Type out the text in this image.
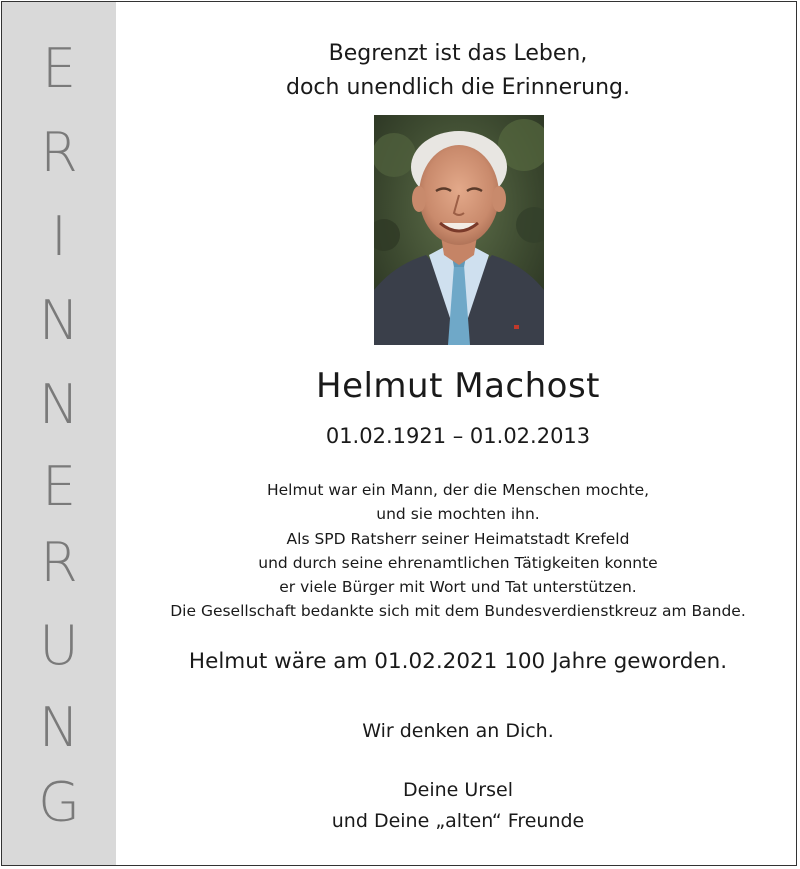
E
R
I
N
N
E
R
U
N
G
Begrenzt ist das Leben,
doch unendlich die Erinnerung.
Helmut Machost
01.02.1921 – 01.02.2013
Helmut war ein Mann, der die Menschen mochte,
und sie mochten ihn.
Als SPD Ratsherr seiner Heimatstadt Krefeld
und durch seine ehrenamtlichen Tätigkeiten konnte
er viele Bürger mit Wort und Tat unterstützen.
Die Gesellschaft bedankte sich mit dem Bundesverdienstkreuz am Bande.
Helmut wäre am 01.02.2021 100 Jahre geworden.
Wir denken an Dich.
Deine Ursel
und Deine „alten“ Freunde
